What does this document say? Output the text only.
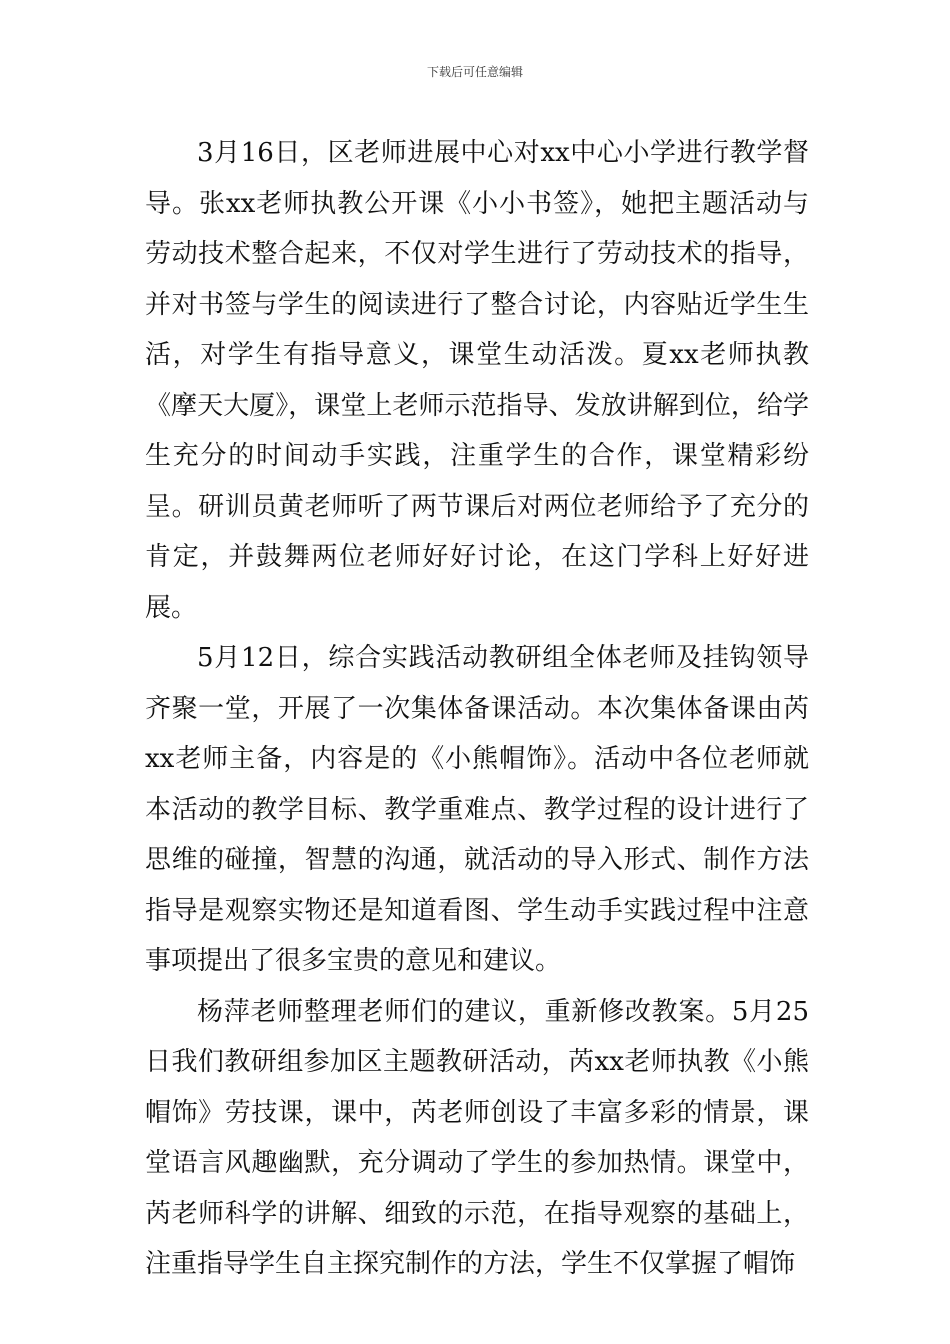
下载后可任意编辑

3月16日，区老师进展中心对xx中心小学进行教学督导。张xx老师执教公开课《小小书签》，她把主题活动与劳动技术整合起来，不仅对学生进行了劳动技术的指导，并对书签与学生的阅读进行了整合讨论，内容贴近学生生活，对学生有指导意义，课堂生动活泼。夏xx老师执教《摩天大厦》，课堂上老师示范指导、发放讲解到位，给学生充分的时间动手实践，注重学生的合作，课堂精彩纷呈。研训员黄老师听了两节课后对两位老师给予了充分的肯定，并鼓舞两位老师好好讨论，在这门学科上好好进展。

5月12日，综合实践活动教研组全体老师及挂钩领导齐聚一堂，开展了一次集体备课活动。本次集体备课由芮xx老师主备，内容是的《小熊帽饰》。活动中各位老师就本活动的教学目标、教学重难点、教学过程的设计进行了思维的碰撞，智慧的沟通，就活动的导入形式、制作方法指导是观察实物还是知道看图、学生动手实践过程中注意事项提出了很多宝贵的意见和建议。

杨萍老师整理老师们的建议，重新修改教案。5月25日我们教研组参加区主题教研活动，芮xx老师执教《小熊帽饰》劳技课，课中，芮老师创设了丰富多彩的情景，课堂语言风趣幽默，充分调动了学生的参加热情。课堂中，芮老师科学的讲解、细致的示范，在指导观察的基础上，注重指导学生自主探究制作的方法，学生不仅掌握了帽饰
